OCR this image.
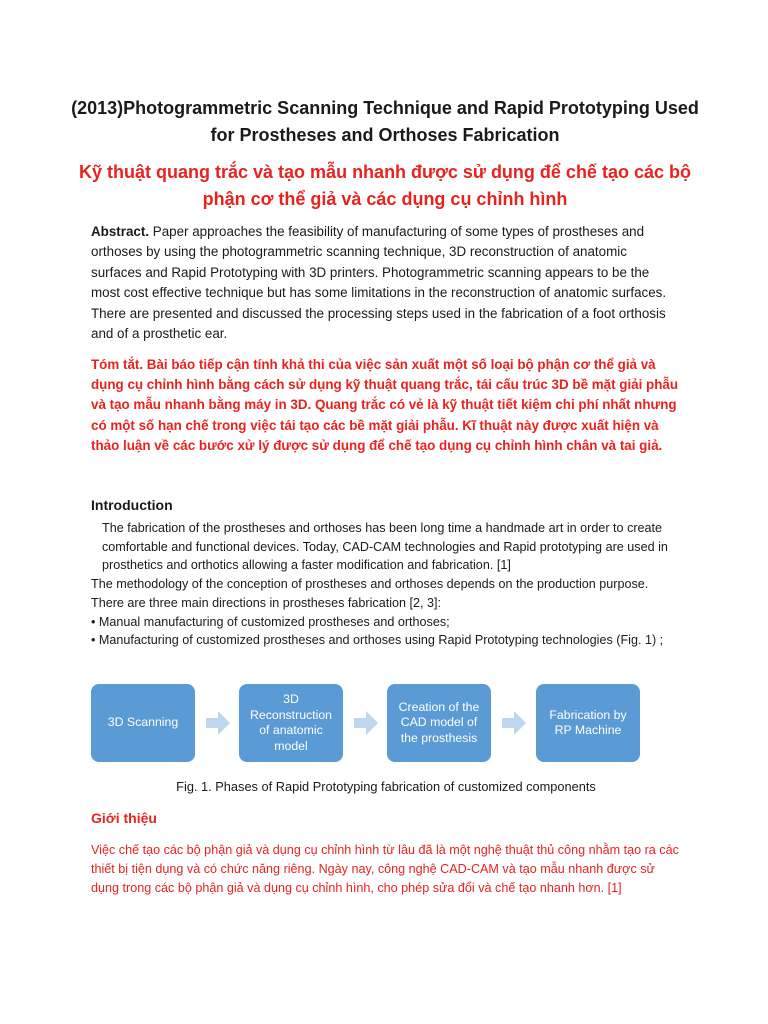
(2013)Photogrammetric Scanning Technique and Rapid Prototyping Used for Prostheses and Orthoses Fabrication
Kỹ thuật quang trắc và tạo mẫu nhanh được sử dụng để chế tạo các bộ phận cơ thể giả và các dụng cụ chỉnh hình
Abstract. Paper approaches the feasibility of manufacturing of some types of prostheses and orthoses by using the photogrammetric scanning technique, 3D reconstruction of anatomic surfaces and Rapid Prototyping with 3D printers. Photogrammetric scanning appears to be the most cost effective technique but has some limitations in the reconstruction of anatomic surfaces. There are presented and discussed the processing steps used in the fabrication of a foot orthosis and of a prosthetic ear.
Tóm tắt. Bài báo tiếp cận tính khả thi của việc sản xuất một số loại bộ phận cơ thể giả và dụng cụ chỉnh hình bằng cách sử dụng kỹ thuật quang trắc, tái cấu trúc 3D bề mặt giải phẫu và tạo mẫu nhanh bằng máy in 3D. Quang trắc có vẻ là kỹ thuật tiết kiệm chi phí nhất nhưng có một số hạn chế trong việc tái tạo các bề mặt giải phẫu. Kĩ thuật này được xuất hiện và thảo luận về các bước xử lý được sử dụng để chế tạo dụng cụ chỉnh hình chân và tai giả.
Introduction

The fabrication of the prostheses and orthoses has been long time a handmade art in order to create comfortable and functional devices. Today, CAD-CAM technologies and Rapid prototyping are used in prosthetics and orthotics allowing a faster modification and fabrication. [1]

The methodology of the conception of prostheses and orthoses depends on the production purpose. There are three main directions in prostheses fabrication [2, 3]:

• Manual manufacturing of customized prostheses and orthoses;

• Manufacturing of customized prostheses and orthoses using Rapid Prototyping technologies (Fig. 1) ;

3D Scanning
3D Reconstruction of anatomic model
Creation of the CAD model of the prosthesis
Fabrication by RP Machine
Fig. 1. Phases of Rapid Prototyping fabrication of customized components
Giới thiệu
Việc chế tạo các bộ phận giả và dụng cụ chỉnh hình từ lâu đã là một nghệ thuật thủ công nhằm tạo ra các thiết bị tiện dụng và có chức năng riêng. Ngày nay, công nghệ CAD-CAM và tạo mẫu nhanh được sử dụng trong các bộ phận giả và dụng cụ chỉnh hình, cho phép sửa đổi và chế tạo nhanh hơn. [1]
